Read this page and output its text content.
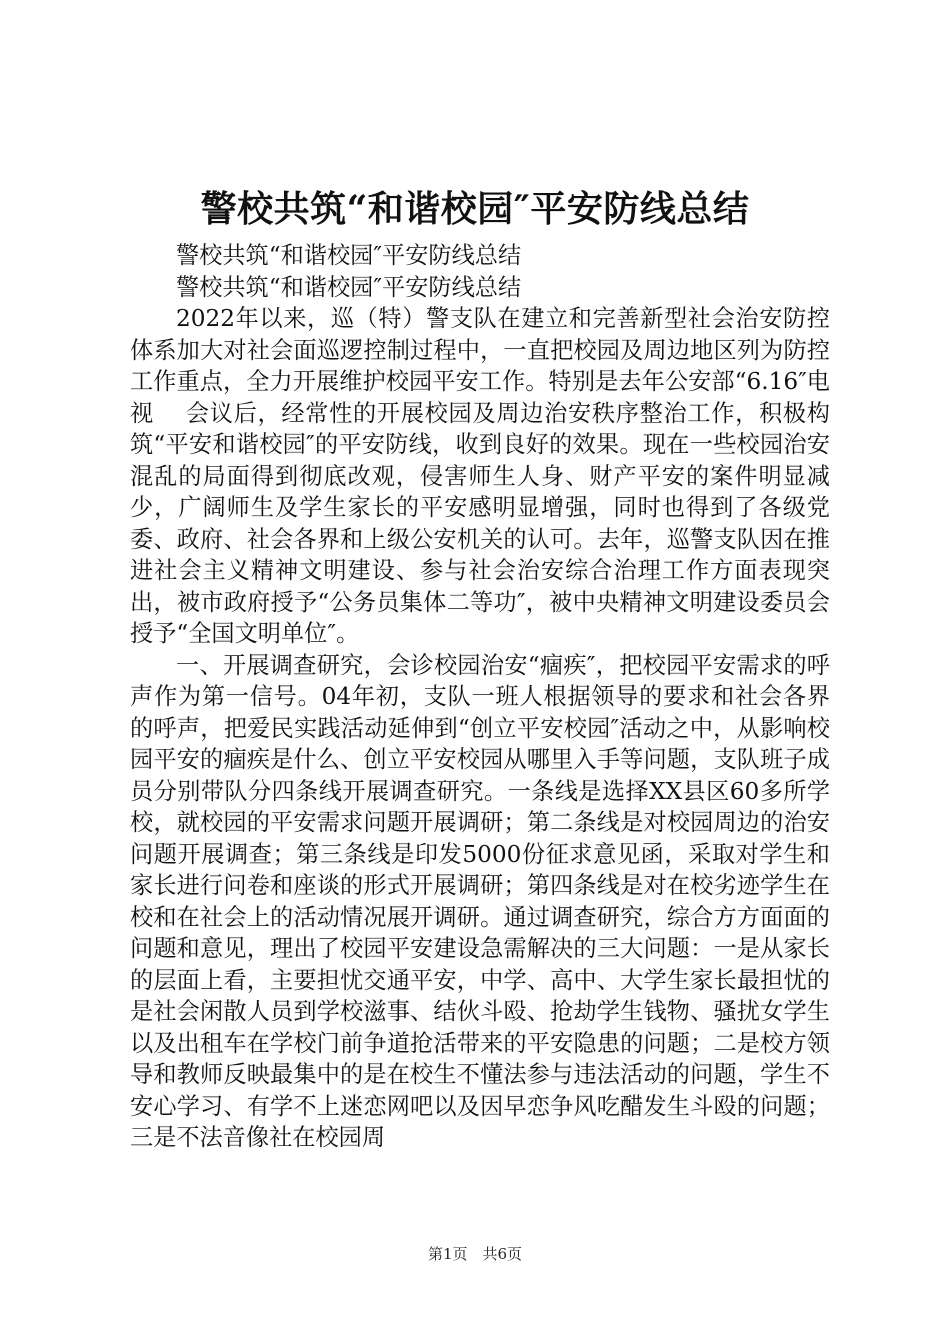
警校共筑“和谐校园″平安防线总结

警校共筑“和谐校园″平安防线总结

警校共筑“和谐校园″平安防线总结

2022年以来，巡（特）警支队在建立和完善新型社会治安防控体系加大对社会面巡逻控制过程中，一直把校园及周边地区列为防控工作重点，全力开展维护校园平安工作。特别是去年公安部“6.16″电视　 会议后，经常性的开展校园及周边治安秩序整治工作，积极构筑“平安和谐校园″的平安防线，收到良好的效果。现在一些校园治安混乱的局面得到彻底改观，侵害师生人身、财产平安的案件明显减少，广阔师生及学生家长的平安感明显增强，同时也得到了各级党委、政府、社会各界和上级公安机关的认可。去年，巡警支队因在推进社会主义精神文明建设、参与社会治安综合治理工作方面表现突出，被市政府授予“公务员集体二等功″，被中央精神文明建设委员会授予“全国文明单位″。

一、开展调查研究，会诊校园治安“痼疾″，把校园平安需求的呼声作为第一信号。04年初，支队一班人根据领导的要求和社会各界的呼声，把爱民实践活动延伸到“创立平安校园″活动之中，从影响校园平安的痼疾是什么、创立平安校园从哪里入手等问题，支队班子成员分别带队分四条线开展调查研究。一条线是选择XX县区60多所学校，就校园的平安需求问题开展调研；第二条线是对校园周边的治安问题开展调查；第三条线是印发5000份征求意见函，采取对学生和家长进行问卷和座谈的形式开展调研；第四条线是对在校劣迹学生在校和在社会上的活动情况展开调研。通过调查研究，综合方方面面的问题和意见，理出了校园平安建设急需解决的三大问题：一是从家长的层面上看，主要担忧交通平安，中学、高中、大学生家长最担忧的是社会闲散人员到学校滋事、结伙斗殴、抢劫学生钱物、骚扰女学生以及出租车在学校门前争道抢活带来的平安隐患的问题；二是校方领导和教师反映最集中的是在校生不懂法参与违法活动的问题，学生不安心学习、有学不上迷恋网吧以及因早恋争风吃醋发生斗殴的问题；三是不法音像社在校园周

第1页　共6页
